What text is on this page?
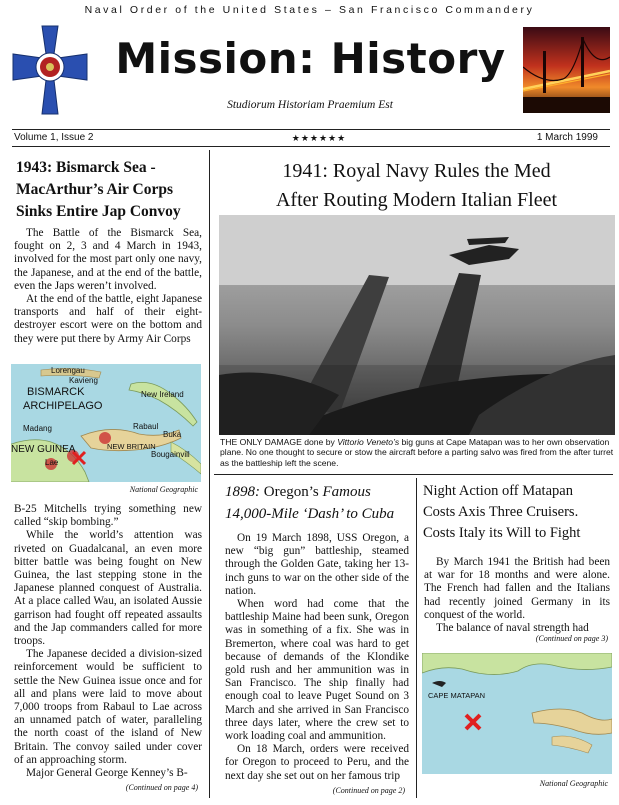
Naval Order of the United States – San Francisco Commandery
Mission: History
Studiorum Historiam Praemium Est
Volume 1, Issue 2	★★★★★★	1 March 1999
1943: Bismarck Sea -
MacArthur’s Air Corps
Sinks Entire Jap Convoy

The Battle of the Bismarck Sea, fought on 2, 3 and 4 March in 1943, involved for the most part only one navy, the Japanese, and at the end of the battle, even the Japs weren’t involved.

At the end of the battle, eight Japanese transports and half of their eight-destroyer escort were on the bottom and they were put there by Army Air Corps

Lorengau
Kavieng
BISMARCK
ARCHIPELAGO
New Ireland
Madang	Rabaul
Buka
NEW BRITAIN
NEW GUINEA
Lae
Bougainvill
National Geographic

B-25 Mitchells trying something new called “skip bombing.”

While the world’s attention was riveted on Guadalcanal, an even more bitter battle was being fought on New Guinea, the last stepping stone in the Japanese planned conquest of Australia. At a place called Wau, an isolated Aussie garrison had fought off repeated assaults and the Jap commanders called for more troops.

The Japanese decided a division-sized reinforcement would be sufficient to settle the New Guinea issue once and for all and plans were laid to move about 7,000 troops from Rabaul to Lae across an unnamed patch of water, paralleling the north coast of the island of New Britain. The convoy sailed under cover of an approaching storm.

Major General George Kenney’s B-

(Continued on page 4)
1941: Royal Navy Rules the Med
After Routing Modern Italian Fleet
THE ONLY DAMAGE done by Vittorio Veneto’s big guns at Cape Matapan was to her own observation plane. No one thought to secure or stow the aircraft before a parting salvo was fired from the after turret as the battleship left the scene.
1898: Oregon’s Famous
14,000-Mile ‘Dash’ to Cuba

On 19 March 1898, USS Oregon, a new “big gun” battleship, steamed through the Golden Gate, taking her 13-inch guns to war on the other side of the nation.

When word had come that the battleship Maine had been sunk, Oregon was in something of a fix. She was in Bremerton, where coal was hard to get because of demands of the Klondike gold rush and her ammunition was in San Francisco. The ship finally had enough coal to leave Puget Sound on 3 March and she arrived in San Francisco three days later, where the crew set to work loading coal and ammunition.

On 18 March, orders were received for Oregon to proceed to Peru, and the next day she set out on her famous trip

(Continued on page 2)
Night Action off Matapan
Costs Axis Three Cruisers.
Costs Italy its Will to Fight

By March 1941 the British had been at war for 18 months and were alone. The French had fallen and the Italians had recently joined Germany in its conquest of the world.

The balance of naval strength had

(Continued on page 3)
CAPE MATAPAN
National Geographic
